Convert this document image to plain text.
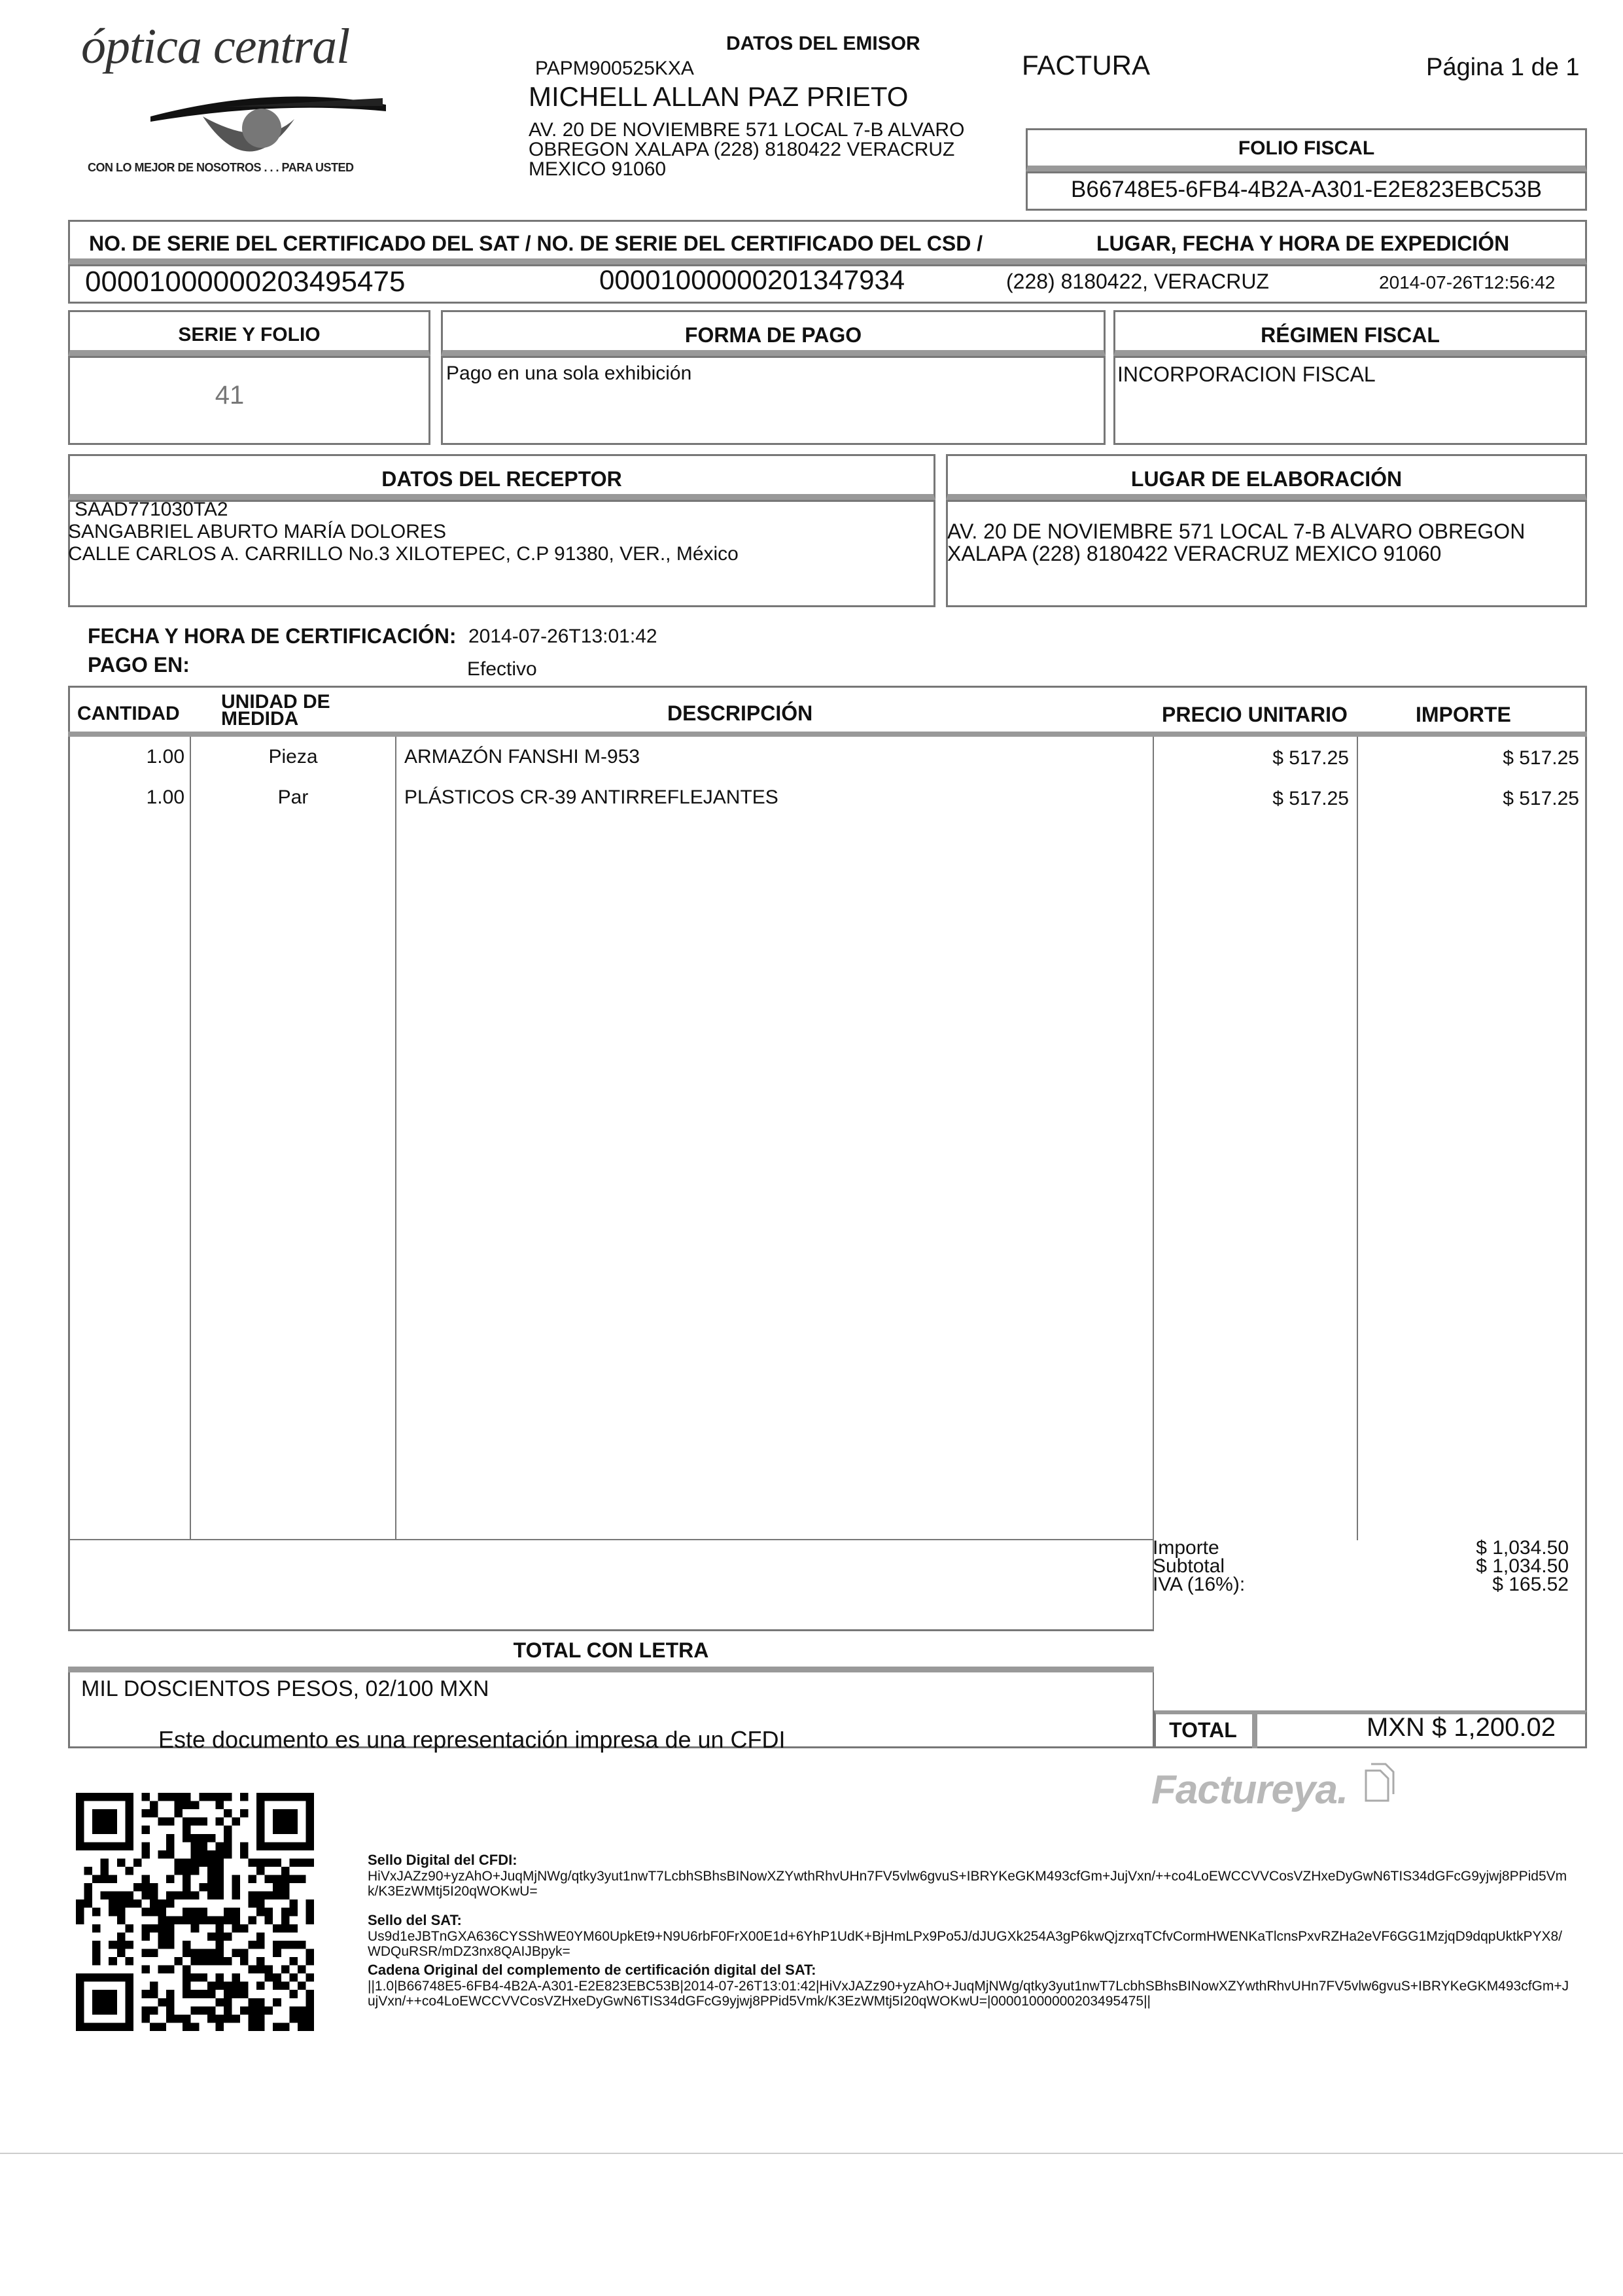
óptica central
CON LO MEJOR DE NOSOTROS . . . PARA USTED
DATOS DEL EMISOR
PAPM900525KXA
MICHELL ALLAN PAZ PRIETO
AV. 20 DE NOVIEMBRE 571 LOCAL 7-B ALVARO
OBREGON XALAPA (228) 8180422 VERACRUZ
MEXICO 91060
FACTURA	Página 1 de 1
FOLIO FISCAL
B66748E5-6FB4-4B2A-A301-E2E823EBC53B
NO. DE SERIE DEL CERTIFICADO DEL SAT / NO. DE SERIE DEL CERTIFICADO DEL CSD /	LUGAR, FECHA Y HORA DE EXPEDICIÓN
00001000000203495475	00001000000201347934	(228) 8180422, VERACRUZ	2014-07-26T12:56:42
SERIE Y FOLIO
41
FORMA DE PAGO
Pago en una sola exhibición
RÉGIMEN FISCAL
INCORPORACION FISCAL
DATOS DEL RECEPTOR
SAAD771030TA2
SANGABRIEL ABURTO MARÍA DOLORES
CALLE CARLOS A. CARRILLO No.3 XILOTEPEC, C.P 91380, VER., México
LUGAR DE ELABORACIÓN
AV. 20 DE NOVIEMBRE 571 LOCAL 7-B ALVARO OBREGON
XALAPA (228) 8180422 VERACRUZ MEXICO 91060
FECHA Y HORA DE CERTIFICACIÓN: 2014-07-26T13:01:42
PAGO EN:	Efectivo
CANTIDAD
UNIDAD DE
MEDIDA	DESCRIPCIÓN	PRECIO UNITARIO	IMPORTE
1.00	Pieza	ARMAZÓN FANSHI M-953	$ 517.25	$ 517.25
1.00	Par	PLÁSTICOS CR-39 ANTIRREFLEJANTES	$ 517.25	$ 517.25
Importe	$ 1,034.50
Subtotal	$ 1,034.50
IVA (16%):	$ 165.52
TOTAL CON LETRA
MIL DOSCIENTOS PESOS, 02/100 MXN
Este documento es una representación impresa de un CFDI	TOTAL	MXN $ 1,200.02
Factureya.
Sello Digital del CFDI:
HiVxJAZz90+yzAhO+JuqMjNWg/qtky3yut1nwT7LcbhSBhsBINowXZYwthRhvUHn7FV5vlw6gvuS+IBRYKeGKM493cfGm+JujVxn/++co4LoEWCCVVCosVZHxeDyGwN6TIS34dGFcG9yjwj8PPid5Vmk/K3EzWMtj5I20qWOKwU=
Sello del SAT:
Us9d1eJBTnGXA636CYSShWE0YM60UpkEt9+N9U6rbF0FrX00E1d+6YhP1UdK+BjHmLPx9Po5J/dJUGXk254A3gP6kwQjzrxqTCfvCormHWENKaTlcnsPxvRZHa2eVF6GG1MzjqD9dqpUktkPYX8/WDQuRSR/mDZ3nx8QAIJBpyk=
Cadena Original del complemento de certificación digital del SAT:
||1.0|B66748E5-6FB4-4B2A-A301-E2E823EBC53B|2014-07-26T13:01:42|HiVxJAZz90+yzAhO+JuqMjNWg/qtky3yut1nwT7LcbhSBhsBINowXZYwthRhvUHn7FV5vlw6gvuS+IBRYKeGKM493cfGm+JujVxn/++co4LoEWCCVVCosVZHxeDyGwN6TIS34dGFcG9yjwj8PPid5Vmk/K3EzWMtj5I20qWOKwU=|00001000000203495475||
